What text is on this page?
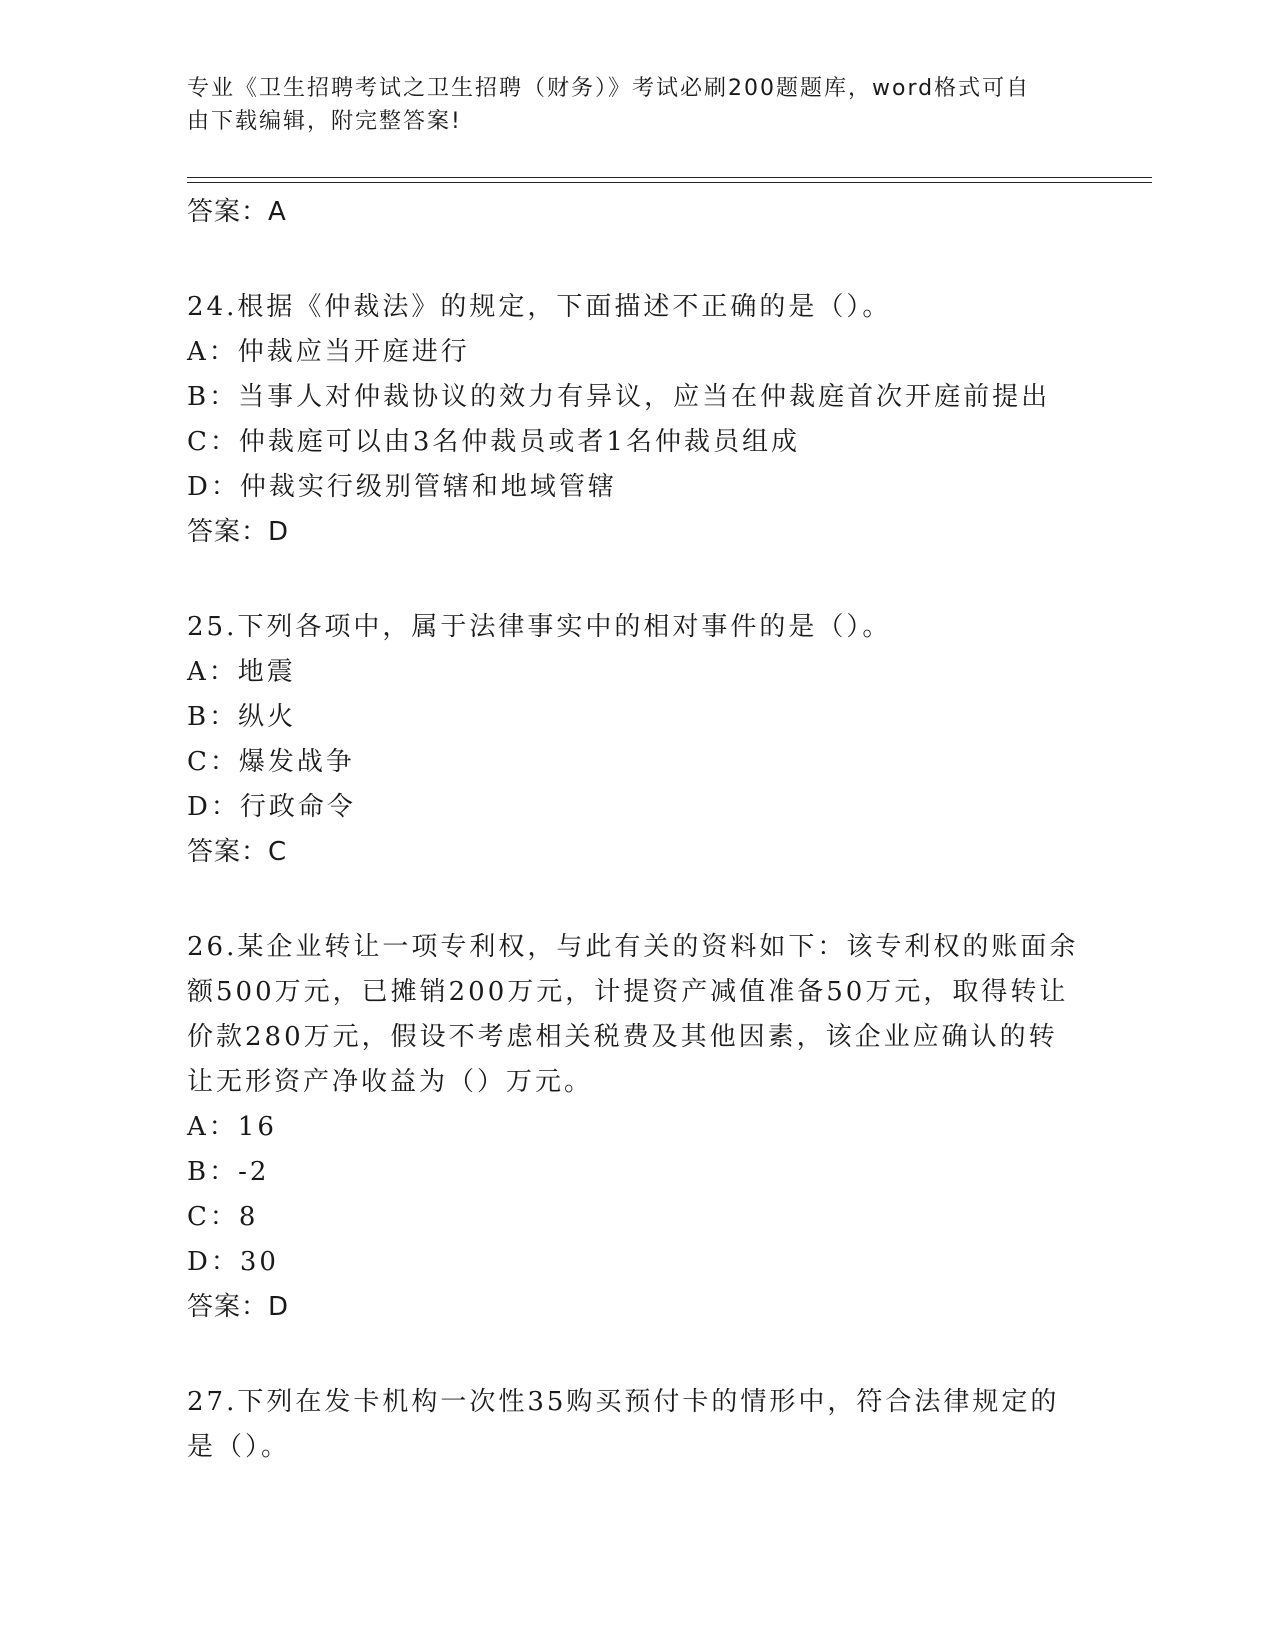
专业《卫生招聘考试之卫生招聘（财务）》考试必刷200题题库，word格式可自
由下载编辑，附完整答案!
答案：A
24.根据《仲裁法》的规定，下面描述不正确的是（）。
A：仲裁应当开庭进行
B：当事人对仲裁协议的效力有异议，应当在仲裁庭首次开庭前提出
C：仲裁庭可以由3名仲裁员或者1名仲裁员组成
D：仲裁实行级别管辖和地域管辖
答案：D
25.下列各项中，属于法律事实中的相对事件的是（）。
A：地震
B：纵火
C：爆发战争
D：行政命令
答案：C
26.某企业转让一项专利权，与此有关的资料如下：该专利权的账面余
额500万元，已摊销200万元，计提资产减值准备50万元，取得转让
价款280万元，假设不考虑相关税费及其他因素，该企业应确认的转
让无形资产净收益为（）万元。
A：16
B：-2
C：8
D：30
答案：D
27.下列在发卡机构一次性35购买预付卡的情形中，符合法律规定的
是（）。
